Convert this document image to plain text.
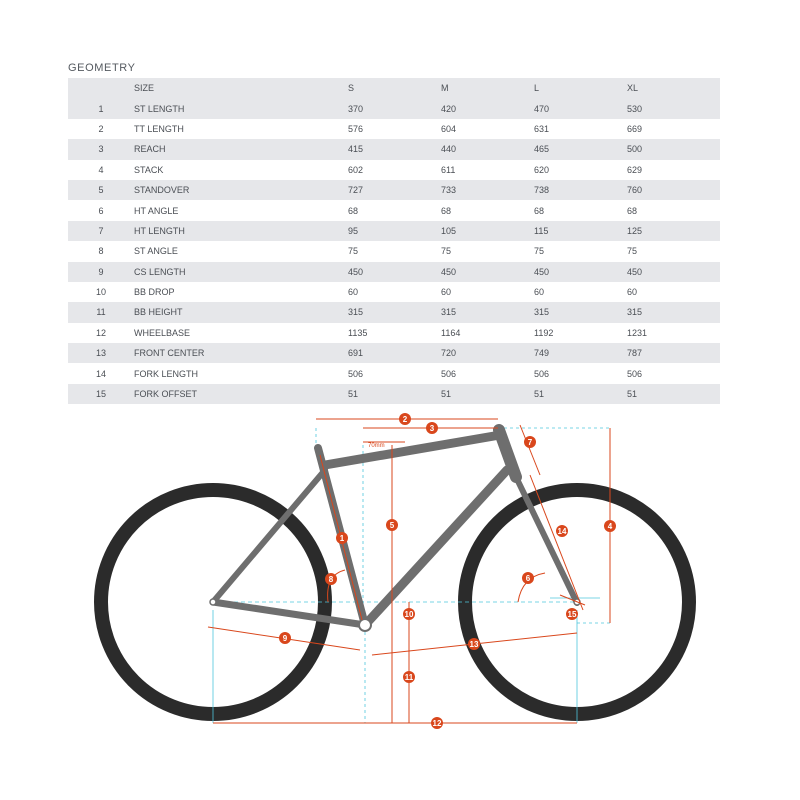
GEOMETRY
	SIZE	S	M	L	XL
1	ST LENGTH	370	420	470	530
2	TT LENGTH	576	604	631	669
3	REACH	415	440	465	500
4	STACK	602	611	620	629
5	STANDOVER	727	733	738	760
6	HT ANGLE	68	68	68	68
7	HT LENGTH	95	105	115	125
8	ST ANGLE	75	75	75	75
9	CS LENGTH	450	450	450	450
10	BB DROP	60	60	60	60
11	BB HEIGHT	315	315	315	315
12	WHEELBASE	1135	1164	1192	1231
13	FRONT CENTER	691	720	749	787
14	FORK LENGTH	506	506	506	506
15	FORK OFFSET	51	51	51	51
70mm
1
2
3
4
5
6
7
8
9
10
11
12
13
14
15
